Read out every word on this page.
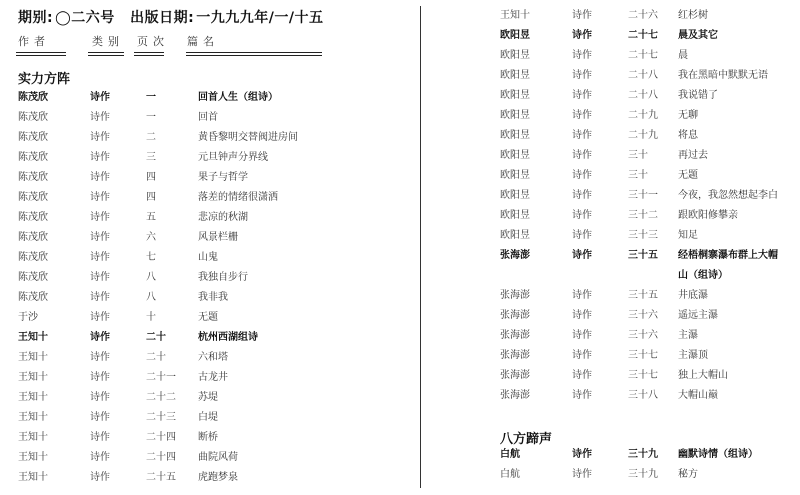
期别: ◯二六号 出版日期: 一九九九年/一/十五
作者	类别 页次 篇名
实力方阵
陈茂欣	诗作	一	回首人生（组诗）
陈茂欣	诗作	一	回首
陈茂欣	诗作	二	黄昏黎明交替阀进房间
陈茂欣	诗作	三	元旦钟声分界线
陈茂欣	诗作	四	果子与哲学
陈茂欣	诗作	四	落差的情绪很潇洒
陈茂欣	诗作	五	悲凉的秋湖
陈茂欣	诗作	六	风景栏栅
陈茂欣	诗作	七	山鬼
陈茂欣	诗作	八	我独自步行
陈茂欣	诗作	八	我非我
于沙	诗作	十	无题
王知十	诗作	二十	杭州西湖组诗
王知十	诗作	二十	六和塔
王知十	诗作	二十一 古龙井
王知十	诗作	二十二 苏堤
王知十	诗作	二十三 白堤
王知十	诗作	二十四 断桥
王知十	诗作	二十四 曲院风荷
王知十	诗作	二十五 虎跑梦泉
王知十	诗作	二十六 红杉树
欧阳昱	诗作	二十七 晨及其它
欧阳昱	诗作	二十七 晨
欧阳昱	诗作	二十八 我在黑暗中默默无语
欧阳昱	诗作	二十八 我说错了
欧阳昱	诗作	二十九 无聊
欧阳昱	诗作	二十九 将息
欧阳昱	诗作	三十	再过去
欧阳昱	诗作	三十	无题
欧阳昱	诗作	三十一 今夜，我忽然想起李白
欧阳昱	诗作	三十二 跟欧阳修攀亲
欧阳昱	诗作	三十三 知足
张海澎	诗作	三十五 经梧桐寨瀑布群上大帽
山（组诗）
张海澎	诗作	三十五 井底瀑
张海澎	诗作	三十六 遥远主瀑
张海澎	诗作	三十六 主瀑
张海澎	诗作	三十七 主瀑顶
张海澎	诗作	三十七 独上大帽山
张海澎	诗作	三十八 大帽山巅
八方蹄声
白航	诗作	三十九 幽默诗情（组诗）
白航	诗作	三十九 秘方
